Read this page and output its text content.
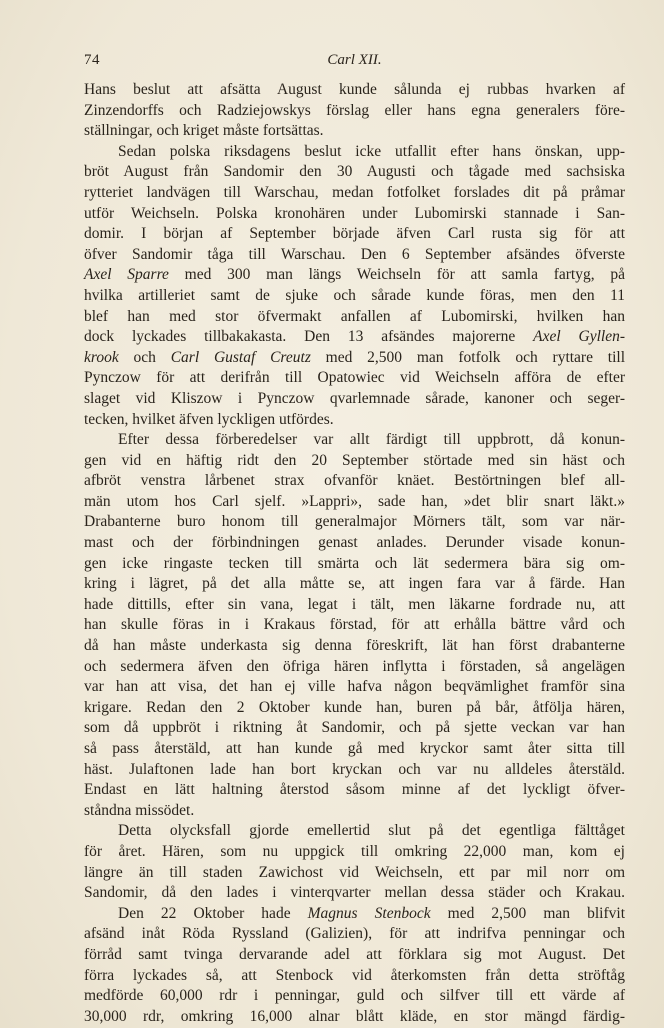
74	Carl XII.
Hans beslut att afsätta August kunde sålunda ej rubbas hvarken af
Zinzendorffs och Radziejowskys förslag eller hans egna generalers före-
ställningar, och kriget måste fortsättas.
Sedan polska riksdagens beslut icke utfallit efter hans önskan, upp-
bröt August från Sandomir den 30 Augusti och tågade med sachsiska
rytteriet landvägen till Warschau, medan fotfolket forslades dit på pråmar
utför Weichseln. Polska kronohären under Lubomirski stannade i San-
domir. I början af September började äfven Carl rusta sig för att
öfver Sandomir tåga till Warschau. Den 6 September afsändes öfverste
Axel Sparre med 300 man längs Weichseln för att samla fartyg, på
hvilka artilleriet samt de sjuke och sårade kunde föras, men den 11
blef han med stor öfvermakt anfallen af Lubomirski, hvilken han
dock lyckades tillbakakasta. Den 13 afsändes majorerne Axel Gyllen-
krook och Carl Gustaf Creutz med 2,500 man fotfolk och ryttare till
Pynczow för att derifrån till Opatowiec vid Weichseln afföra de efter
slaget vid Kliszow i Pynczow qvarlemnade sårade, kanoner och seger-
tecken, hvilket äfven lyckligen utfördes.
Efter dessa förberedelser var allt färdigt till uppbrott, då konun-
gen vid en häftig ridt den 20 September störtade med sin häst och
afbröt venstra lårbenet strax ofvanför knäet. Bestörtningen blef all-
män utom hos Carl sjelf. »Lappri», sade han, »det blir snart läkt.»
Drabanterne buro honom till generalmajor Mörners tält, som var när-
mast och der förbindningen genast anlades. Derunder visade konun-
gen icke ringaste tecken till smärta och lät sedermera bära sig om-
kring i lägret, på det alla måtte se, att ingen fara var å färde. Han
hade dittills, efter sin vana, legat i tält, men läkarne fordrade nu, att
han skulle föras in i Krakaus förstad, för att erhålla bättre vård och
då han måste underkasta sig denna föreskrift, lät han först drabanterne
och sedermera äfven den öfriga hären inflytta i förstaden, så angelägen
var han att visa, det han ej ville hafva någon beqvämlighet framför sina
krigare. Redan den 2 Oktober kunde han, buren på bår, åtfölja hären,
som då uppbröt i riktning åt Sandomir, och på sjette veckan var han
så pass återstäld, att han kunde gå med kryckor samt åter sitta till
häst. Julaftonen lade han bort kryckan och var nu alldeles återstäld.
Endast en lätt haltning återstod såsom minne af det lyckligt öfver-
ståndna missödet.
Detta olycksfall gjorde emellertid slut på det egentliga fälttåget
för året. Hären, som nu uppgick till omkring 22,000 man, kom ej
längre än till staden Zawichost vid Weichseln, ett par mil norr om
Sandomir, då den lades i vinterqvarter mellan dessa städer och Krakau.
Den 22 Oktober hade Magnus Stenbock med 2,500 man blifvit
afsänd inåt Röda Ryssland (Galizien), för att indrifva penningar och
förråd samt tvinga dervarande adel att förklara sig mot August. Det
förra lyckades så, att Stenbock vid återkomsten från detta ströftåg
medförde 60,000 rdr i penningar, guld och silfver till ett värde af
30,000 rdr, omkring 16,000 alnar blått kläde, en stor mängd färdig-
